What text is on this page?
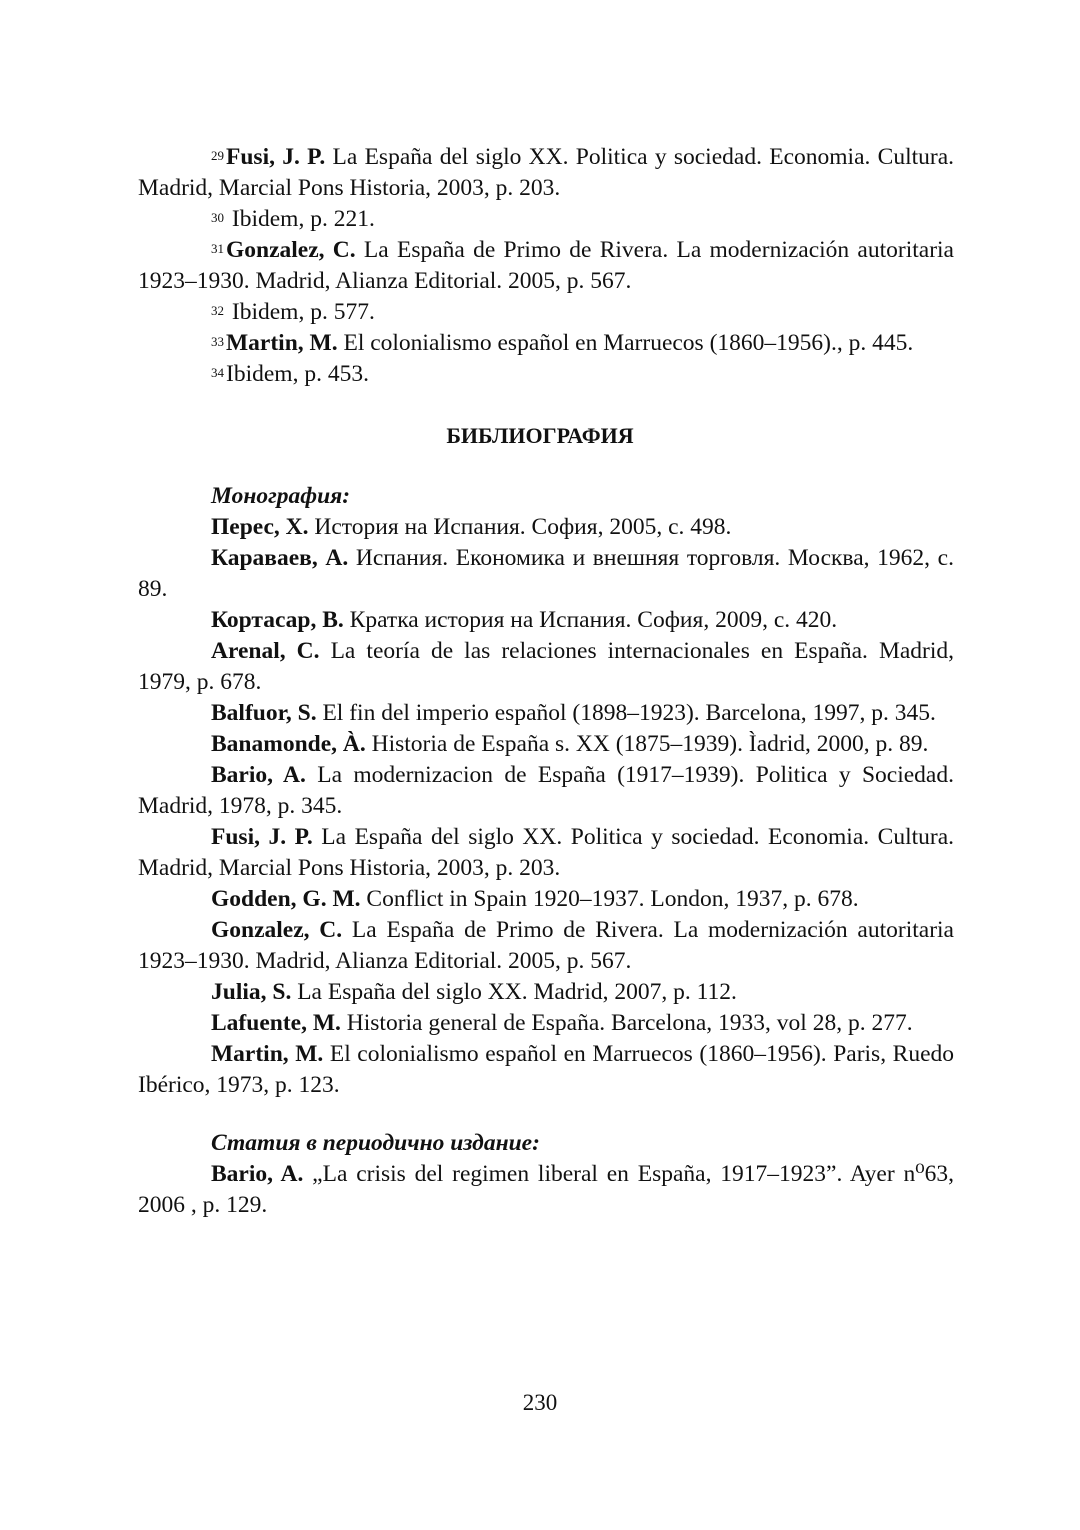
$^{29}$Fusi, J. P. La España del siglo XX. Politica y sociedad. Economia. Cultura. Madrid, Marcial Pons Historia, 2003, p. 203.

$^{30}$ Ibidem, p. 221.

$^{31}$Gonzalez, C. La España de Primo de Rivera. La modernización autoritaria 1923–1930. Madrid, Alianza Editorial. 2005, p. 567.

$^{32}$ Ibidem, p. 577.

$^{33}$Martin, M. El colonialismo español en Marruecos (1860–1956)., p. 445.

$^{34}$Ibidem, p. 453.

БИБЛИОГРАФИЯ

Монография:

Перес, Х. История на Испания. София, 2005, с. 498.

Караваев, А. Испания. Економика и внешняя торговля. Москва, 1962, с. 89.

Кортасар, В. Кратка история на Испания. София, 2009, с. 420.

Arenal, C. La teoría de las relaciones internacionales en España. Madrid, 1979, p. 678.

Balfuor, S. El fin del imperio español (1898–1923). Barcelona, 1997, p. 345.

Banamonde, À. Historia de España s. XX (1875–1939). Ìadrid, 2000, p. 89.

Bario, A. La modernizacion de España (1917–1939). Politica y Sociedad. Madrid, 1978, p. 345.

Fusi, J. P. La España del siglo XX. Politica y sociedad. Economia. Cultura. Madrid, Marcial Pons Historia, 2003, p. 203.

Godden, G. M. Conflict in Spain 1920–1937. London, 1937, p. 678.

Gonzalez, C. La España de Primo de Rivera. La modernización autoritaria 1923–1930. Madrid, Alianza Editorial. 2005, p. 567.

Julia, S. La España del siglo XX. Madrid, 2007, p. 112.

Lafuente, M. Historia general de España. Barcelona, 1933, vol 28, p. 277.

Martin, M. El colonialismo español en Marruecos (1860–1956). Paris, Ruedo Ibérico, 1973, p. 123.

Статия в периодично издание:

Bario, A. „La crisis del regimen liberal en España, 1917–1923”. Ayer n⁰63, 2006 , p. 129.

230
